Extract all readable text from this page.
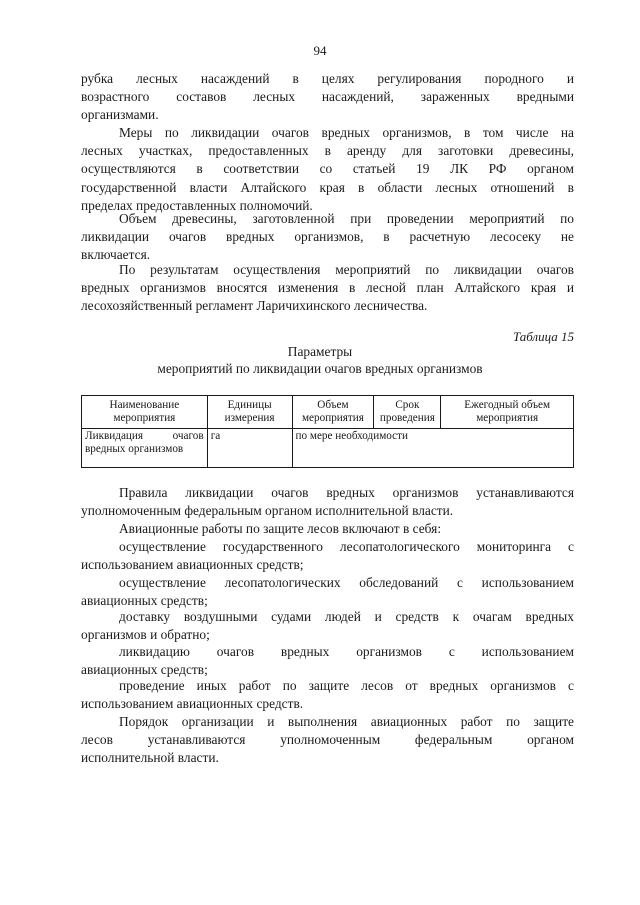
94
рубка лесных насаждений в целях регулирования породного и
возрастного составов лесных насаждений, зараженных вредными
организмами.
Меры по ликвидации очагов вредных организмов, в том числе на
лесных участках, предоставленных в аренду для заготовки древесины,
осуществляются в соответствии со статьей 19 ЛК РФ органом
государственной власти Алтайского края в области лесных отношений в
пределах предоставленных полномочий.
Объем древесины, заготовленной при проведении мероприятий по
ликвидации очагов вредных организмов, в расчетную лесосеку не
включается.
По результатам осуществления мероприятий по ликвидации очагов
вредных организмов вносятся изменения в лесной план Алтайского края и
лесохозяйственный регламент Ларичихинского лесничества.
Таблица 15
Параметры
мероприятий по ликвидации очагов вредных организмов
Наименование мероприятия	Единицы измерения	Объем мероприятия	Срок проведения	Ежегодный объем мероприятия
Ликвидация очагов вредных организмов	га	по мере необходимости		
Правила ликвидации очагов вредных организмов устанавливаются
уполномоченным федеральным органом исполнительной власти.
Авиационные работы по защите лесов включают в себя:
осуществление государственного лесопатологического мониторинга с
использованием авиационных средств;
осуществление лесопатологических обследований с использованием
авиационных средств;
доставку воздушными судами людей и средств к очагам вредных
организмов и обратно;
ликвидацию очагов вредных организмов с использованием
авиационных средств;
проведение иных работ по защите лесов от вредных организмов с
использованием авиационных средств.
Порядок организации и выполнения авиационных работ по защите
лесов устанавливаются уполномоченным федеральным органом
исполнительной власти.
